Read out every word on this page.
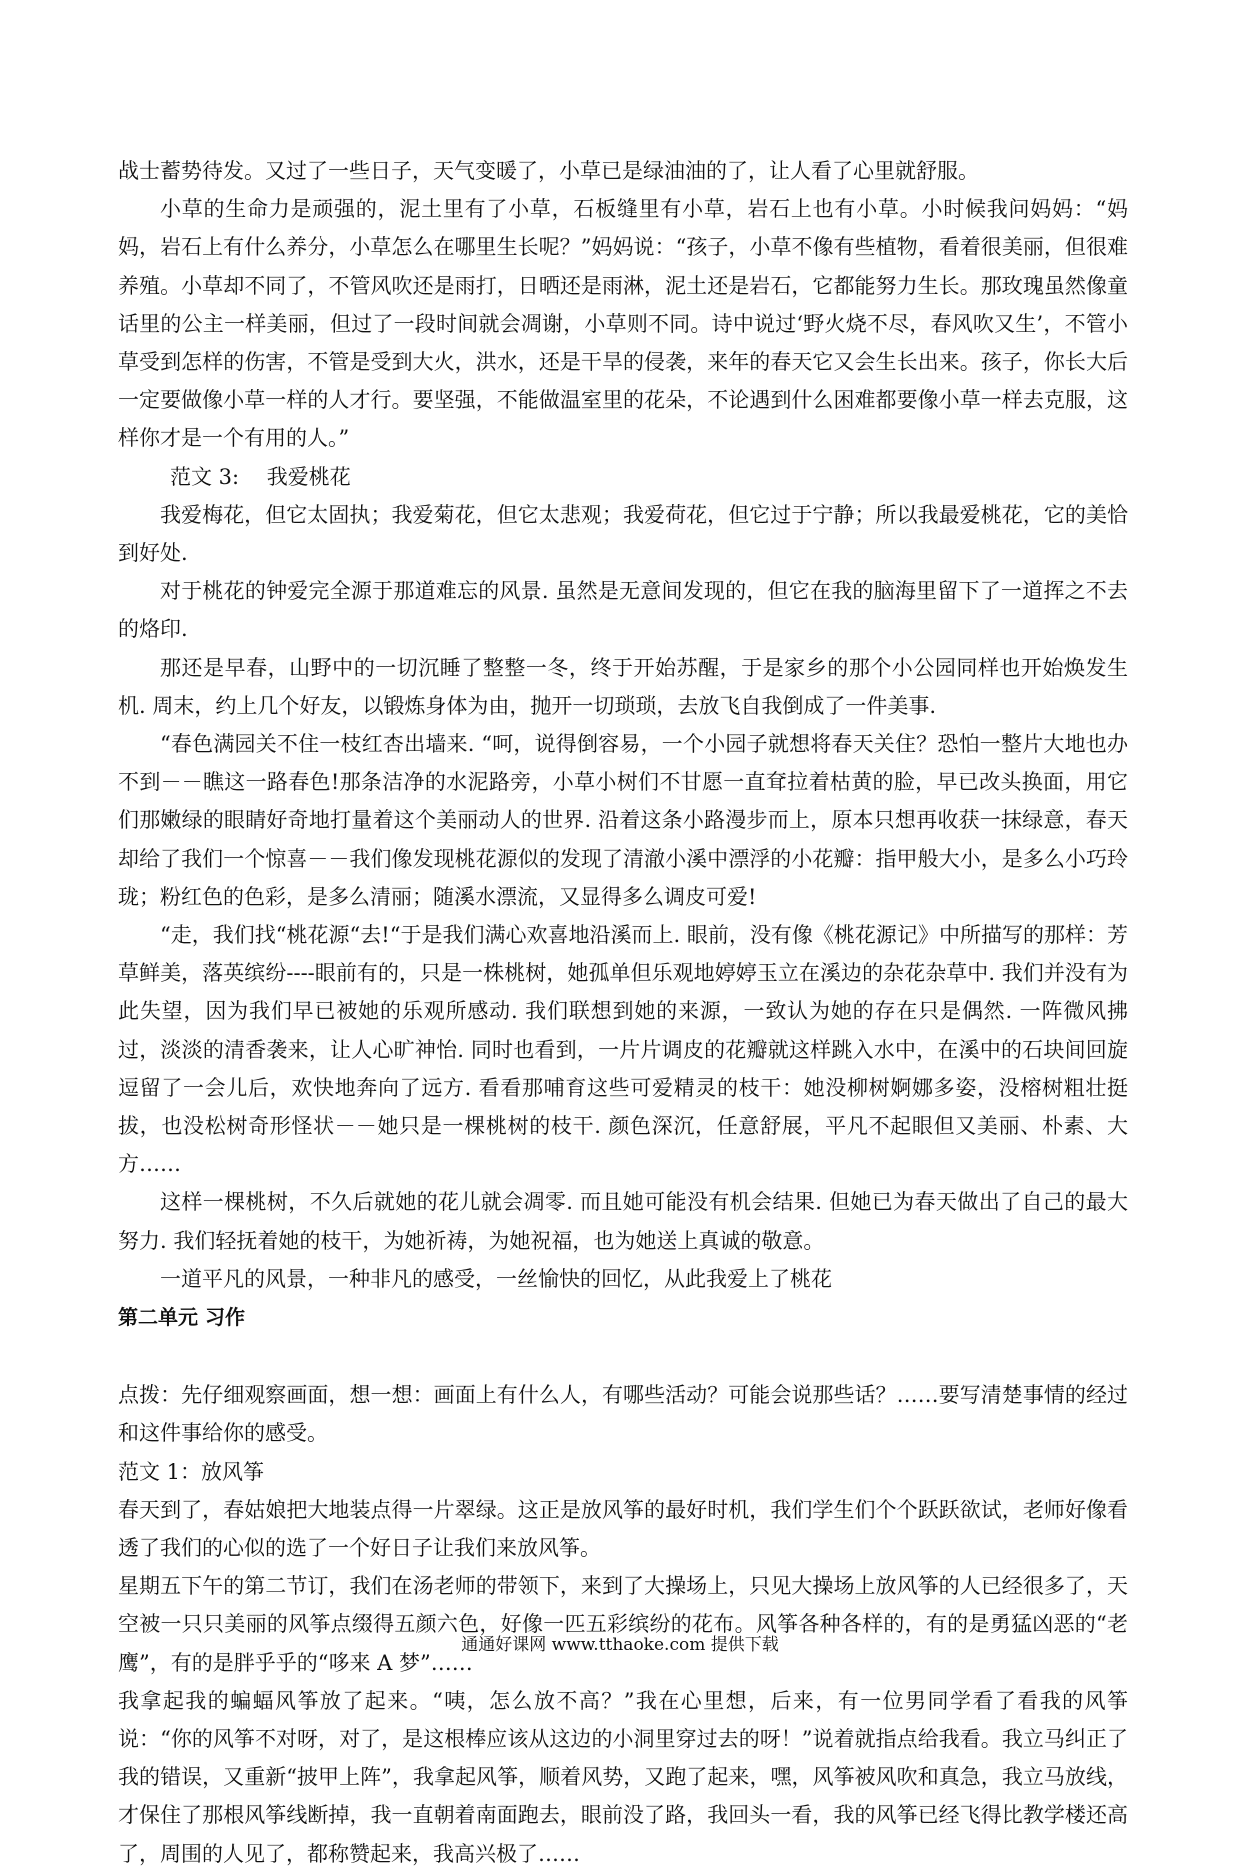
战士蓄势待发。又过了一些日子，天气变暖了，小草已是绿油油的了，让人看了心里就舒服。

小草的生命力是顽强的，泥土里有了小草，石板缝里有小草，岩石上也有小草。小时候我问妈妈：“妈妈，岩石上有什么养分，小草怎么在哪里生长呢？”妈妈说：“孩子，小草不像有些植物，看着很美丽，但很难养殖。小草却不同了，不管风吹还是雨打，日晒还是雨淋，泥土还是岩石，它都能努力生长。那玫瑰虽然像童话里的公主一样美丽，但过了一段时间就会凋谢，小草则不同。诗中说过‘野火烧不尽，春风吹又生’，不管小草受到怎样的伤害，不管是受到大火，洪水，还是干旱的侵袭，来年的春天它又会生长出来。孩子，你长大后一定要做像小草一样的人才行。要坚强，不能做温室里的花朵，不论遇到什么困难都要像小草一样去克服，这样你才是一个有用的人。”

范文 3:　 我爱桃花

我爱梅花，但它太固执；我爱菊花，但它太悲观；我爱荷花，但它过于宁静；所以我最爱桃花，它的美恰到好处.

对于桃花的钟爱完全源于那道难忘的风景. 虽然是无意间发现的，但它在我的脑海里留下了一道挥之不去的烙印.

那还是早春，山野中的一切沉睡了整整一冬，终于开始苏醒，于是家乡的那个小公园同样也开始焕发生机. 周末，约上几个好友，以锻炼身体为由，抛开一切琐琐，去放飞自我倒成了一件美事.

“春色满园关不住一枝红杏出墙来. “呵，说得倒容易，一个小园子就想将春天关住？恐怕一整片大地也办不到－－瞧这一路春色!那条洁净的水泥路旁，小草小树们不甘愿一直耷拉着枯黄的脸，早已改头换面，用它们那嫩绿的眼睛好奇地打量着这个美丽动人的世界. 沿着这条小路漫步而上，原本只想再收获一抹绿意，春天却给了我们一个惊喜－－我们像发现桃花源似的发现了清澈小溪中漂浮的小花瓣：指甲般大小，是多么小巧玲珑；粉红色的色彩，是多么清丽；随溪水漂流，又显得多么调皮可爱!

“走，我们找“桃花源“去!“于是我们满心欢喜地沿溪而上. 眼前，没有像《桃花源记》中所描写的那样：芳草鲜美，落英缤纷----眼前有的，只是一株桃树，她孤单但乐观地婷婷玉立在溪边的杂花杂草中. 我们并没有为此失望，因为我们早已被她的乐观所感动. 我们联想到她的来源，一致认为她的存在只是偶然. 一阵微风拂过，淡淡的清香袭来，让人心旷神怡. 同时也看到，一片片调皮的花瓣就这样跳入水中，在溪中的石块间回旋逗留了一会儿后，欢快地奔向了远方. 看看那哺育这些可爱精灵的枝干：她没柳树婀娜多姿，没榕树粗壮挺拔，也没松树奇形怪状－－她只是一棵桃树的枝干. 颜色深沉，任意舒展，平凡不起眼但又美丽、朴素、大方……

这样一棵桃树，不久后就她的花儿就会凋零. 而且她可能没有机会结果. 但她已为春天做出了自己的最大努力. 我们轻抚着她的枝干，为她祈祷，为她祝福，也为她送上真诚的敬意。

一道平凡的风景，一种非凡的感受，一丝愉快的回忆，从此我爱上了桃花

第二单元 习作

点拨：先仔细观察画面，想一想：画面上有什么人，有哪些活动？可能会说那些话？……要写清楚事情的经过和这件事给你的感受。

范文 1：放风筝

春天到了，春姑娘把大地装点得一片翠绿。这正是放风筝的最好时机，我们学生们个个跃跃欲试，老师好像看透了我们的心似的选了一个好日子让我们来放风筝。

星期五下午的第二节订，我们在汤老师的带领下，来到了大操场上，只见大操场上放风筝的人已经很多了，天空被一只只美丽的风筝点缀得五颜六色，好像一匹五彩缤纷的花布。风筝各种各样的，有的是勇猛凶恶的“老鹰”，有的是胖乎乎的“哆来 A 梦”……

我拿起我的蝙蝠风筝放了起来。“咦，怎么放不高？”我在心里想，后来，有一位男同学看了看我的风筝说：“你的风筝不对呀，对了，是这根棒应该从这边的小洞里穿过去的呀！”说着就指点给我看。我立马纠正了我的错误，又重新“披甲上阵”，我拿起风筝，顺着风势，又跑了起来，嘿，风筝被风吹和真急，我立马放线，才保住了那根风筝线断掉，我一直朝着南面跑去，眼前没了路，我回头一看，我的风筝已经飞得比教学楼还高了，周围的人见了，都称赞起来，我高兴极了……

通通好课网 www.tthaoke.com 提供下载
